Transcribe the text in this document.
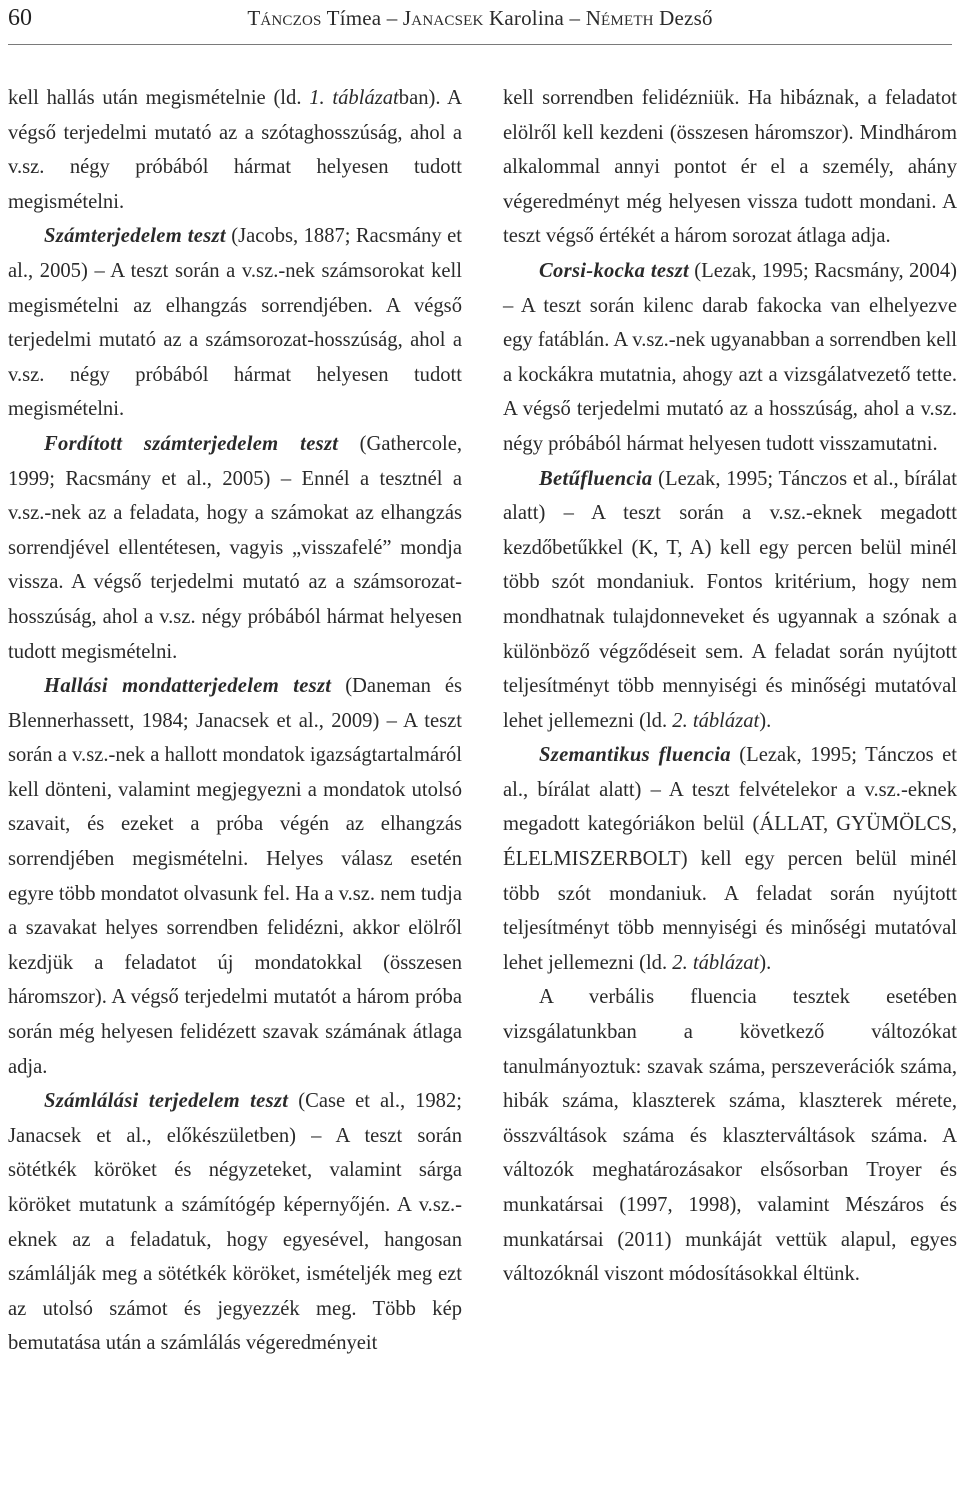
60	Tánczos Tímea – Janacsek Karolina – Németh Dezső

kell hallás után megismételnie (ld. 1. táblázatban). A végső terjedelmi mutató az a szótaghosszúság, ahol a v.sz. négy próbából hármat helyesen tudott megismételni.

Számterjedelem teszt (Jacobs, 1887; Racsmány et al., 2005) – A teszt során a v.sz.-nek számsorokat kell megismételni az elhangzás sorrendjében. A végső terjedelmi mutató az a számsorozat-hosszúság, ahol a v.sz. négy próbából hármat helyesen tudott megismételni.

Fordított számterjedelem teszt (Gathercole, 1999; Racsmány et al., 2005) – Ennél a tesztnél a v.sz.-nek az a feladata, hogy a számokat az elhangzás sorrendjével ellentétesen, vagyis „visszafelé” mondja vissza. A végső terjedelmi mutató az a számsorozat-hosszúság, ahol a v.sz. négy próbából hármat helyesen tudott megismételni.

Hallási mondatterjedelem teszt (Daneman és Blennerhassett, 1984; Janacsek et al., 2009) – A teszt során a v.sz.-nek a hallott mondatok igazságtartalmáról kell dönteni, valamint megjegyezni a mondatok utolsó szavait, és ezeket a próba végén az elhangzás sorrendjében megismételni. Helyes válasz esetén egyre több mondatot olvasunk fel. Ha a v.sz. nem tudja a szavakat helyes sorrendben felidézni, akkor elölről kezdjük a feladatot új mondatokkal (összesen háromszor). A végső terjedelmi mutatót a három próba során még helyesen felidézett szavak számának átlaga adja.

Számlálási terjedelem teszt (Case et al., 1982; Janacsek et al., előkészületben) – A teszt során sötétkék köröket és négyzeteket, valamint sárga köröket mutatunk a számítógép képernyőjén. A v.sz.-eknek az a feladatuk, hogy egyesével, hangosan számlálják meg a sötétkék köröket, ismételjék meg ezt az utolsó számot és jegyezzék meg. Több kép bemutatása után a számlálás végeredményeit

kell sorrendben felidézniük. Ha hibáznak, a feladatot elölről kell kezdeni (összesen háromszor). Mindhárom alkalommal annyi pontot ér el a személy, ahány végeredményt még helyesen vissza tudott mondani. A teszt végső értékét a három sorozat átlaga adja.

Corsi-kocka teszt (Lezak, 1995; Racsmány, 2004) – A teszt során kilenc darab fakocka van elhelyezve egy fatáblán. A v.sz.-nek ugyanabban a sorrendben kell a kockákra mutatnia, ahogy azt a vizsgálatvezető tette. A végső terjedelmi mutató az a hosszúság, ahol a v.sz. négy próbából hármat helyesen tudott visszamutatni.

Betűfluencia (Lezak, 1995; Tánczos et al., bírálat alatt) – A teszt során a v.sz.-eknek megadott kezdőbetűkkel (K, T, A) kell egy percen belül minél több szót mondaniuk. Fontos kritérium, hogy nem mondhatnak tulajdonneveket és ugyannak a szónak a különböző végződéseit sem. A feladat során nyújtott teljesítményt több mennyiségi és minőségi mutatóval lehet jellemezni (ld. 2. táblázat).

Szemantikus fluencia (Lezak, 1995; Tánczos et al., bírálat alatt) – A teszt felvételekor a v.sz.-eknek megadott kategóriákon belül (ÁLLAT, GYÜMÖLCS, ÉLELMISZERBOLT) kell egy percen belül minél több szót mondaniuk. A feladat során nyújtott teljesítményt több mennyiségi és minőségi mutatóval lehet jellemezni (ld. 2. táblázat).

A verbális fluencia tesztek esetében vizsgálatunkban a következő változókat tanulmányoztuk: szavak száma, perszeverációk száma, hibák száma, klaszterek száma, klaszterek mérete, összváltások száma és klaszterváltások száma. A változók meghatározásakor elsősorban Troyer és munkatársai (1997, 1998), valamint Mészáros és munkatársai (2011) munkáját vettük alapul, egyes változóknál viszont módosításokkal éltünk.
